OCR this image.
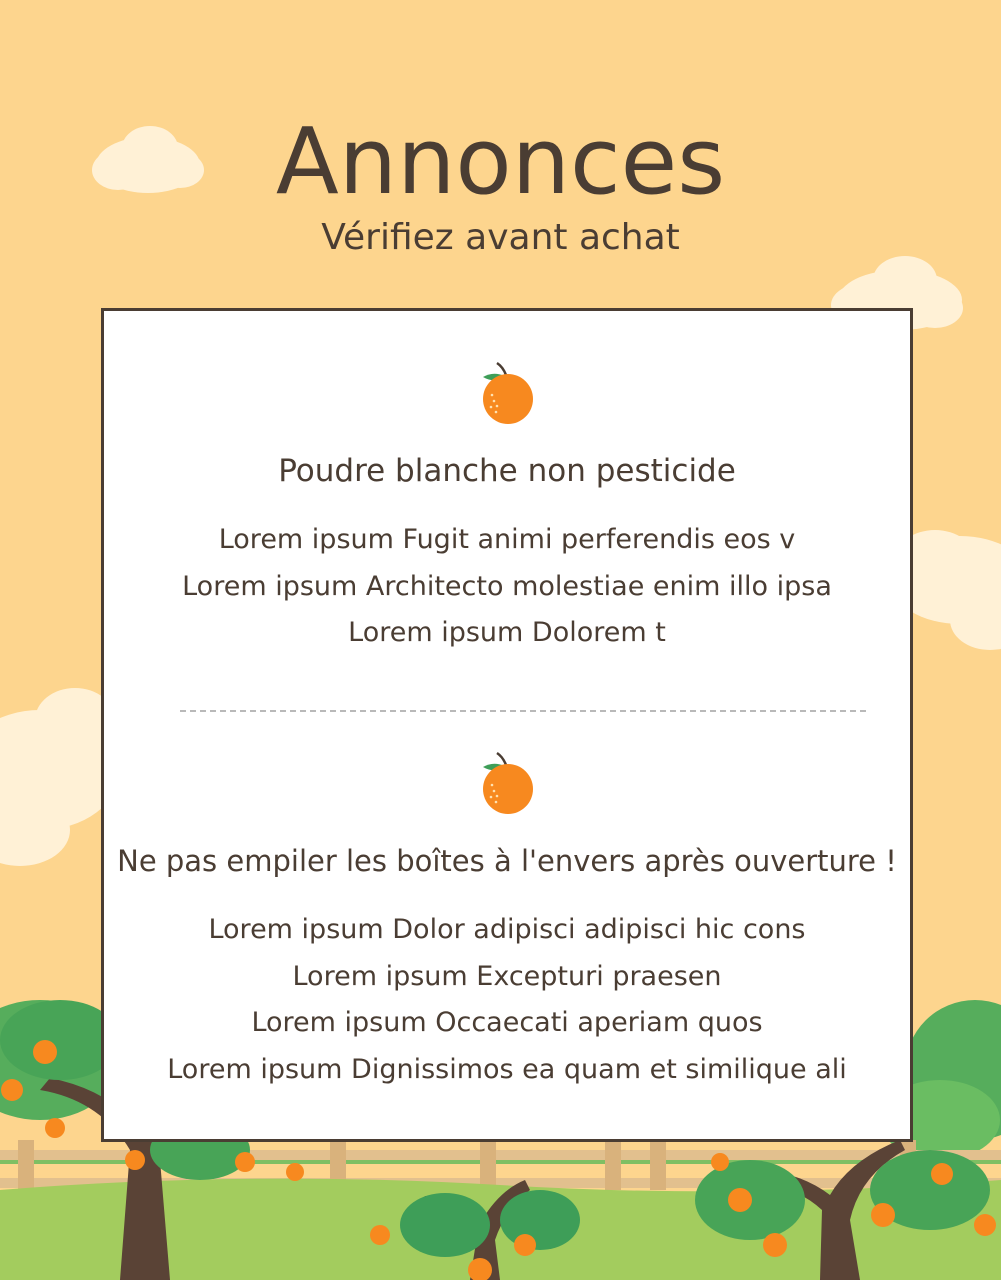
Annonces
Vérifiez avant achat
Poudre blanche non pesticide
Lorem ipsum Fugit animi perferendis eos v
Lorem ipsum Architecto molestiae enim illo ipsa
Lorem ipsum Dolorem t
Ne pas empiler les boîtes à l'envers après ouverture !
Lorem ipsum Dolor adipisci adipisci hic cons
Lorem ipsum Excepturi praesen
Lorem ipsum Occaecati aperiam quos
Lorem ipsum Dignissimos ea quam et similique ali
